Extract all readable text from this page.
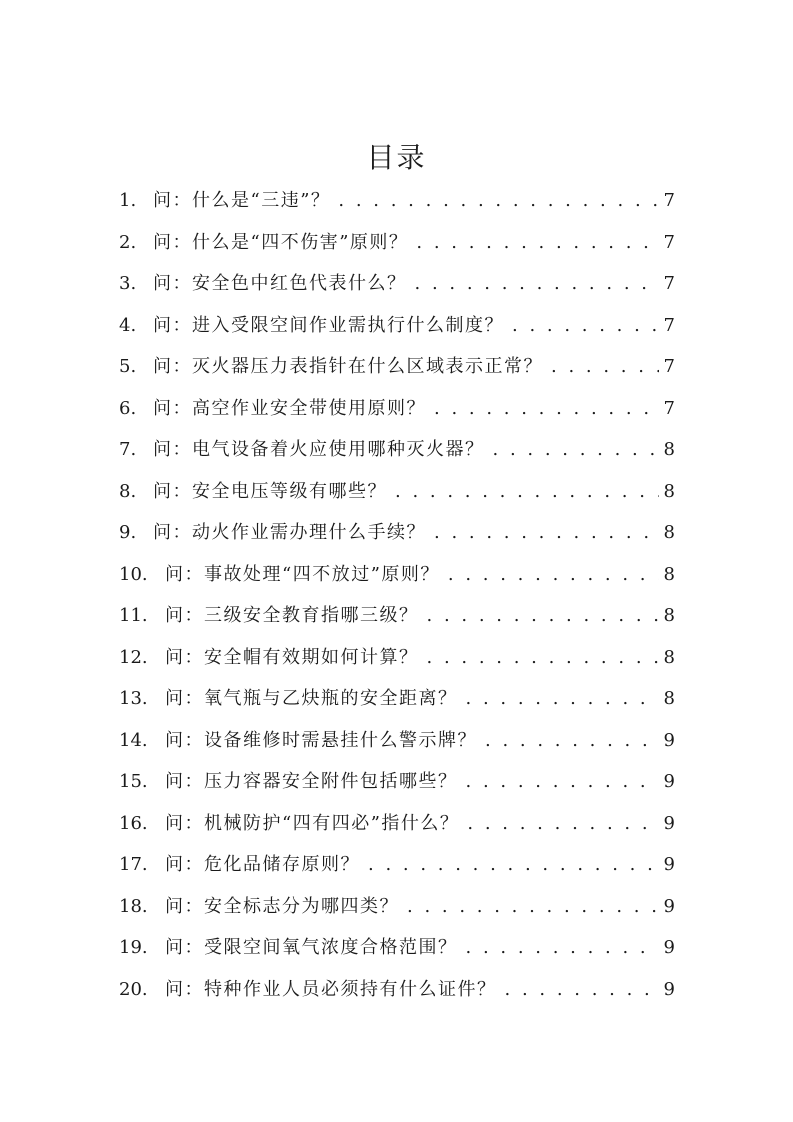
目录
1. 问：什么是“三违”？ . . .	7
2. 问：什么是“四不伤害”原则？ . . .	7
3. 问：安全色中红色代表什么？ . . .	7
4. 问：进入受限空间作业需执行什么制度？ . . .	7
5. 问：灭火器压力表指针在什么区域表示正常？ . . .	7
6. 问：高空作业安全带使用原则？ . . .	7
7. 问：电气设备着火应使用哪种灭火器？ . . .	8
8. 问：安全电压等级有哪些？ . . .	8
9. 问：动火作业需办理什么手续？ . . .	8
10. 问：事故处理“四不放过”原则？ . . .	8
11. 问：三级安全教育指哪三级？ . . .	8
12. 问：安全帽有效期如何计算？ . . .	8
13. 问：氧气瓶与乙炔瓶的安全距离？ . . .	8
14. 问：设备维修时需悬挂什么警示牌？ . . .	9
15. 问：压力容器安全附件包括哪些？ . . .	9
16. 问：机械防护“四有四必”指什么？ . . .	9
17. 问：危化品储存原则？ . . .	9
18. 问：安全标志分为哪四类？ . . .	9
19. 问：受限空间氧气浓度合格范围？ . . .	9
20. 问：特种作业人员必须持有什么证件？ . . .	9
